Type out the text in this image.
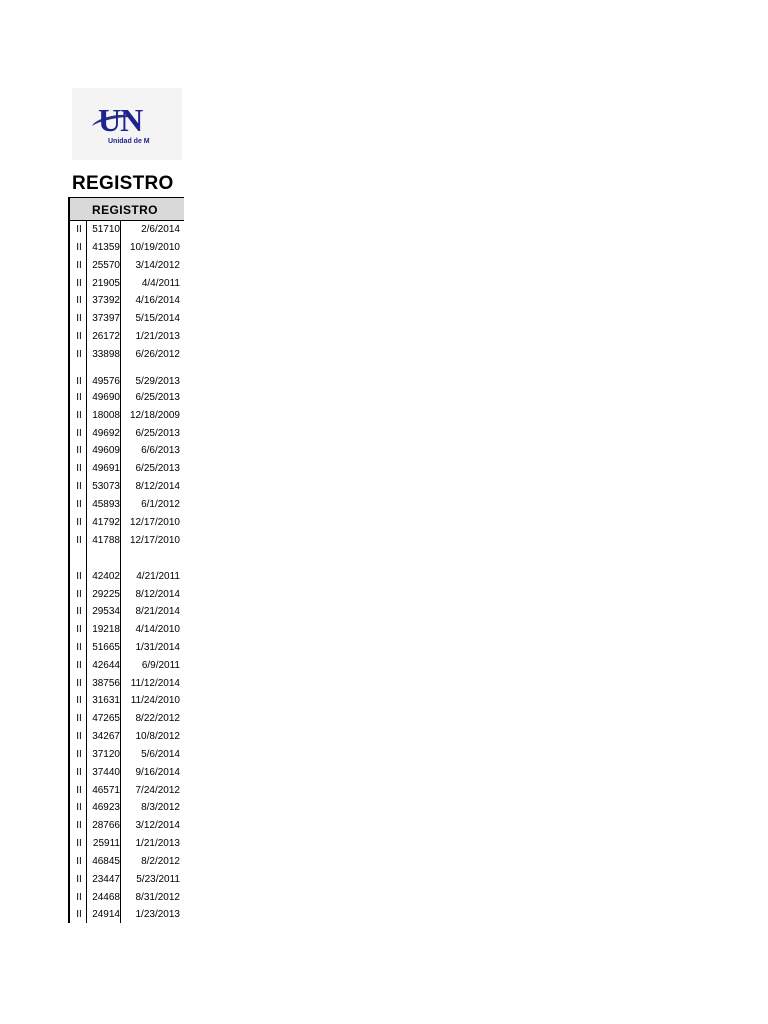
UN
Unidad de M
REGISTRO
REGISTRO
II	51710	2/6/2014
II	41359 10/19/2010
II	25570	3/14/2012
II	21905	4/4/2011
II	37392	4/16/2014
II	37397	5/15/2014
II	26172	1/21/2013
II	33898	6/26/2012
II	49576	5/29/2013
II	49690	6/25/2013
II	18008 12/18/2009
II	49692	6/25/2013
II	49609	6/6/2013
II	49691	6/25/2013
II	53073	8/12/2014
II	45893	6/1/2012
II	41792 12/17/2010
II	41788 12/17/2010
II	42402	4/21/2011
II	29225	8/12/2014
II	29534	8/21/2014
II	19218	4/14/2010
II	51665	1/31/2014
II	42644	6/9/2011
II	38756	11/12/2014
II	31631	11/24/2010
II	47265	8/22/2012
II	34267	10/8/2012
II	37120	5/6/2014
II	37440	9/16/2014
II	46571	7/24/2012
II	46923	8/3/2012
II	28766	3/12/2014
II	25911	1/21/2013
II	46845	8/2/2012
II	23447	5/23/2011
II	24468	8/31/2012
II	24914	1/23/2013
